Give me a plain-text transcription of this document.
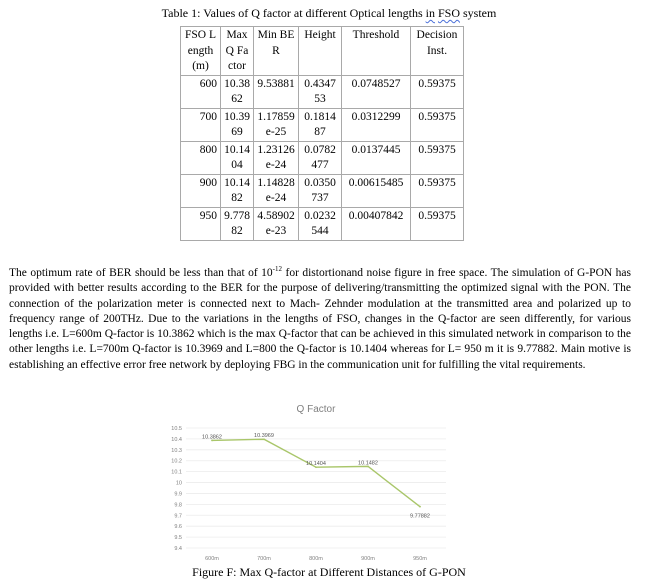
Table 1: Values of Q factor at different Optical lengths in FSO system
FSO Length(m)	Max Q Factor	Min BER	Height	Threshold	Decision Inst.
600	10.3862	9.53881	0.434753	0.0748527	0.59375
700	10.3969	1.17859e-25	0.181487	0.0312299	0.59375
800	10.1404	1.23126e-24	0.0782477	0.0137445	0.59375
900	10.1482	1.14828e-24	0.0350737	0.00615485	0.59375
950	9.77882	4.58902e-23	0.0232544	0.00407842	0.59375
The optimum rate of BER should be less than that of $10^{-12}$ for distortionand noise figure in free space. The simulation of G-PON has provided with better results according to the BER for the purpose of delivering/transmitting the optimized signal with the PON. The connection of the polarization meter is connected next to Mach- Zehnder modulation at the transmitted area and polarized up to frequency range of 200THz. Due to the variations in the lengths of FSO, changes in the Q-factor are seen differently, for various lengths i.e. L=600m Q-factor is 10.3862 which is the max Q-factor that can be achieved in this simulated network in comparison to the other lengths i.e. L=700m Q-factor is 10.3969 and L=800 the Q-factor is 10.1404 whereas for L= 950 m it is 9.77882. Main motive is establishing an effective error free network by deploying FBG in the communication unit for fulfilling the vital requirements.
Q Factor
10.5
10.4
10.3
10.2
10.1
10
9.9
9.8
9.7
9.6
9.5
9.4
600m	700m	800m	900m	950m
10.3862	10.3969
10.1404	10.1482
9.77882
Figure F: Max Q-factor at Different Distances of G-PON
